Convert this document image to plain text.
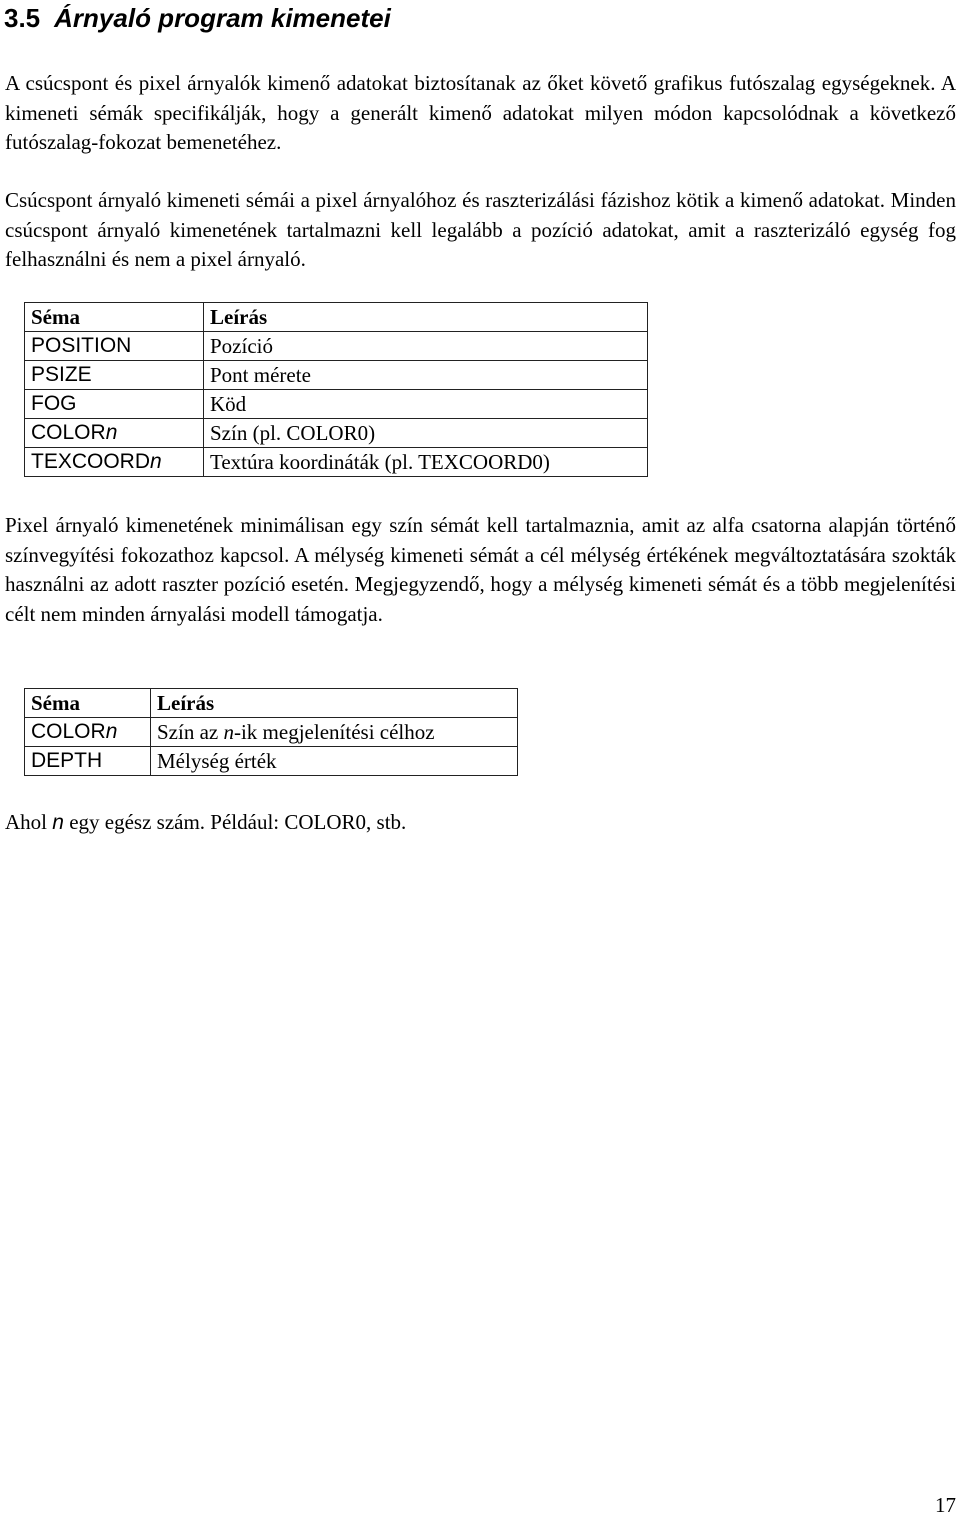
3.5 Árnyaló program kimenetei

A csúcspont és pixel árnyalók kimenő adatokat biztosítanak az őket követő grafikus futószalag egységeknek. A kimeneti sémák specifikálják, hogy a generált kimenő adatokat milyen módon kapcsolódnak a következő futószalag-fokozat bemenetéhez.

Csúcspont árnyaló kimeneti sémái a pixel árnyalóhoz és raszterizálási fázishoz kötik a kimenő adatokat. Minden csúcspont árnyaló kimenetének tartalmazni kell legalább a pozíció adatokat, amit a raszterizáló egység fog felhasználni és nem a pixel árnyaló.

Séma	Leírás
POSITION	Pozíció
PSIZE	Pont mérete
FOG	Köd
COLORn	Szín (pl. COLOR0)
TEXCOORDn	Textúra koordináták (pl. TEXCOORD0)

Pixel árnyaló kimenetének minimálisan egy szín sémát kell tartalmaznia, amit az alfa csatorna alapján történő színvegyítési fokozathoz kapcsol. A mélység kimeneti sémát a cél mélység értékének megváltoztatására szokták használni az adott raszter pozíció esetén. Megjegyzendő, hogy a mélység kimeneti sémát és a több megjelenítési célt nem minden árnyalási modell támogatja.

Séma	Leírás
COLORn	Szín az n-ik megjelenítési célhoz
DEPTH	Mélység érték

Ahol n egy egész szám. Például: COLOR0, stb.

17
